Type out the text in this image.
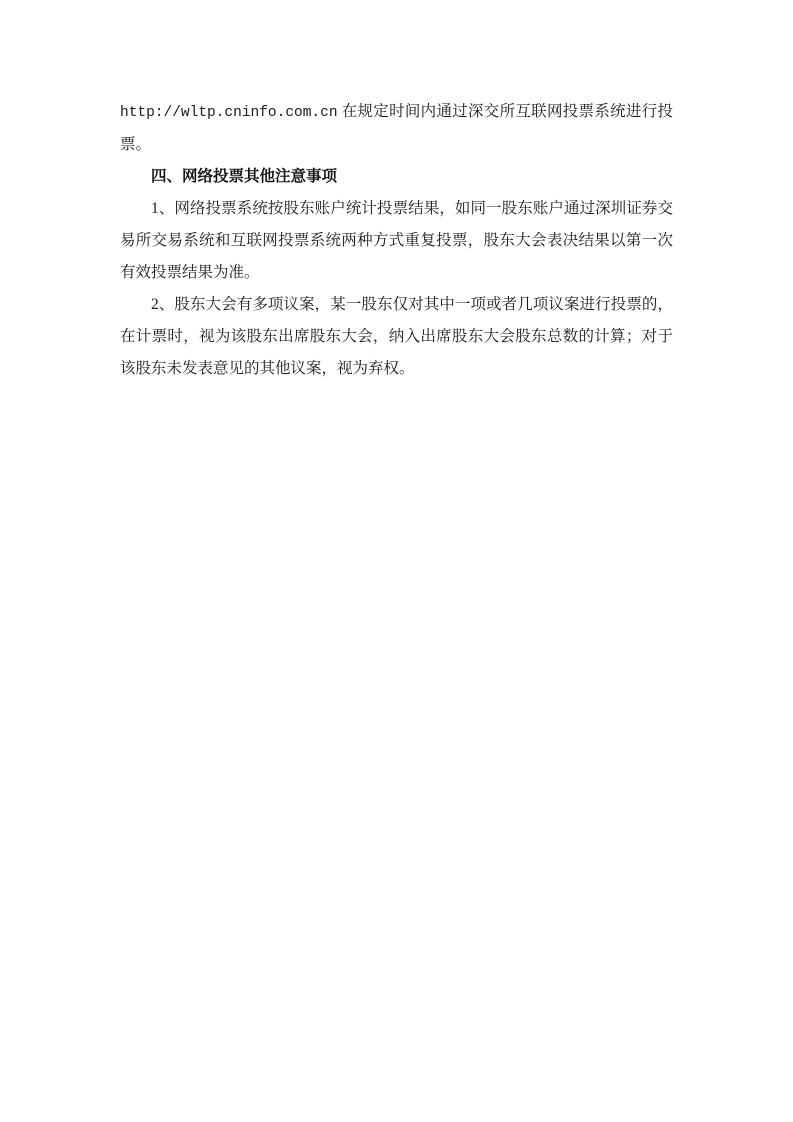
http://wltp.cninfo.com.cn 在规定时间内通过深交所互联网投票系统进行投票。

四、网络投票其他注意事项

1、网络投票系统按股东账户统计投票结果，如同一股东账户通过深圳证券交易所交易系统和互联网投票系统两种方式重复投票，股东大会表决结果以第一次有效投票结果为准。

2、股东大会有多项议案，某一股东仅对其中一项或者几项议案进行投票的，在计票时，视为该股东出席股东大会，纳入出席股东大会股东总数的计算；对于该股东未发表意见的其他议案，视为弃权。
